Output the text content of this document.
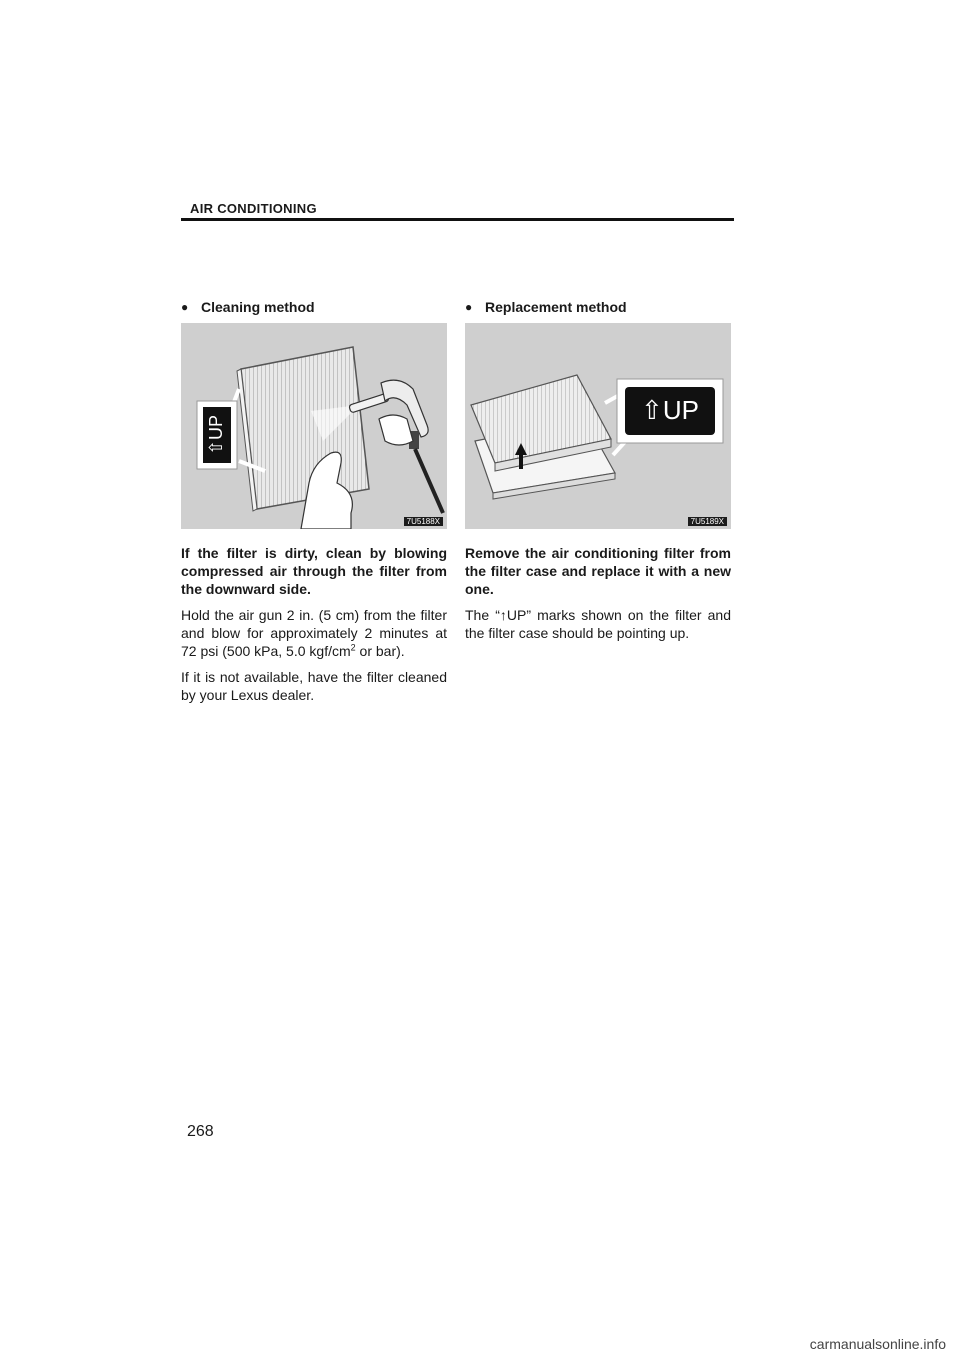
AIR CONDITIONING
● Cleaning method
⇧UP
7U5188X

If the filter is dirty, clean by blowing compressed air through the filter from the downward side.

Hold the air gun 2 in. (5 cm) from the filter and blow for approximately 2 minutes at 72 psi (500 kPa, 5.0 kgf/$cm^2$ or bar).

If it is not available, have the filter cleaned by your Lexus dealer.

● Replacement method
⇧UP
7U5189X

Remove the air conditioning filter from the filter case and replace it with a new one.

The “↑UP” marks shown on the filter and the filter case should be pointing up.

268
carmanualsonline.info
